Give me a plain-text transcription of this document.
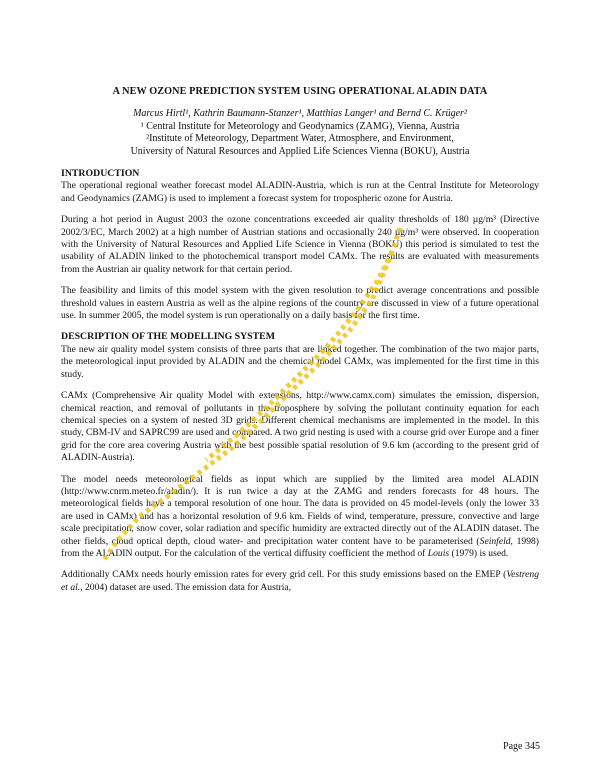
A NEW OZONE PREDICTION SYSTEM USING OPERATIONAL ALADIN DATA
Marcus Hirtl¹, Kathrin Baumann-Stanzer¹, Matthias Langer¹ and Bernd C. Krüger²
¹ Central Institute for Meteorology and Geodynamics (ZAMG), Vienna, Austria
²Institute of Meteorology, Department Water, Atmosphere, and Environment,
University of Natural Resources and Applied Life Sciences Vienna (BOKU), Austria
INTRODUCTION

The operational regional weather forecast model ALADIN-Austria, which is run at the Central Institute for Meteorology and Geodynamics (ZAMG) is used to implement a forecast system for tropospheric ozone for Austria.

During a hot period in August 2003 the ozone concentrations exceeded air quality thresholds of 180 µg/m³ (Directive 2002/3/EC, March 2002) at a high number of Austrian stations and occasionally 240 µg/m³ were observed. In cooperation with the University of Natural Resources and Applied Life Science in Vienna (BOKU) this period is simulated to test the usability of ALADIN linked to the photochemical transport model CAMx. The results are evaluated with measurements from the Austrian air quality network for that certain period.

The feasibility and limits of this model system with the given resolution to predict average concentrations and possible threshold values in eastern Austria as well as the alpine regions of the country are discussed in view of a future operational use. In summer 2005, the model system is run operationally on a daily basis for the first time.

DESCRIPTION OF THE MODELLING SYSTEM

The new air quality model system consists of three parts that are linked together. The combination of the two major parts, the meteorological input provided by ALADIN and the chemical model CAMx, was implemented for the first time in this study.

CAMx (Comprehensive Air quality Model with extensions, http://www.camx.com) simulates the emission, dispersion, chemical reaction, and removal of pollutants in the troposphere by solving the pollutant continuity equation for each chemical species on a system of nested 3D grids. Different chemical mechanisms are implemented in the model. In this study, CBM-IV and SAPRC99 are used and compared. A two grid nesting is used with a course grid over Europe and a finer grid for the core area covering Austria with the best possible spatial resolution of 9.6 km (according to the present grid of ALADIN-Austria).

The model needs meteorological fields as input which are supplied by the limited area model ALADIN (http://www.cnrm.meteo.fr/aladin/). It is run twice a day at the ZAMG and renders forecasts for 48 hours. The meteorological fields have a temporal resolution of one hour. The data is provided on 45 model-levels (only the lower 33 are used in CAMx) and has a horizontal resolution of 9.6 km. Fields of wind, temperature, pressure, convective and large scale precipitation, snow cover, solar radiation and specific humidity are extracted directly out of the ALADIN dataset. The other fields, cloud optical depth, cloud water- and precipitation water content have to be parameterised (Seinfeld, 1998) from the ALADIN output. For the calculation of the vertical diffusity coefficient the method of Louis (1979) is used.

Additionally CAMx needs hourly emission rates for every grid cell. For this study emissions based on the EMEP (Vestreng et al., 2004) dataset are used. The emission data for Austria,

Page 345
